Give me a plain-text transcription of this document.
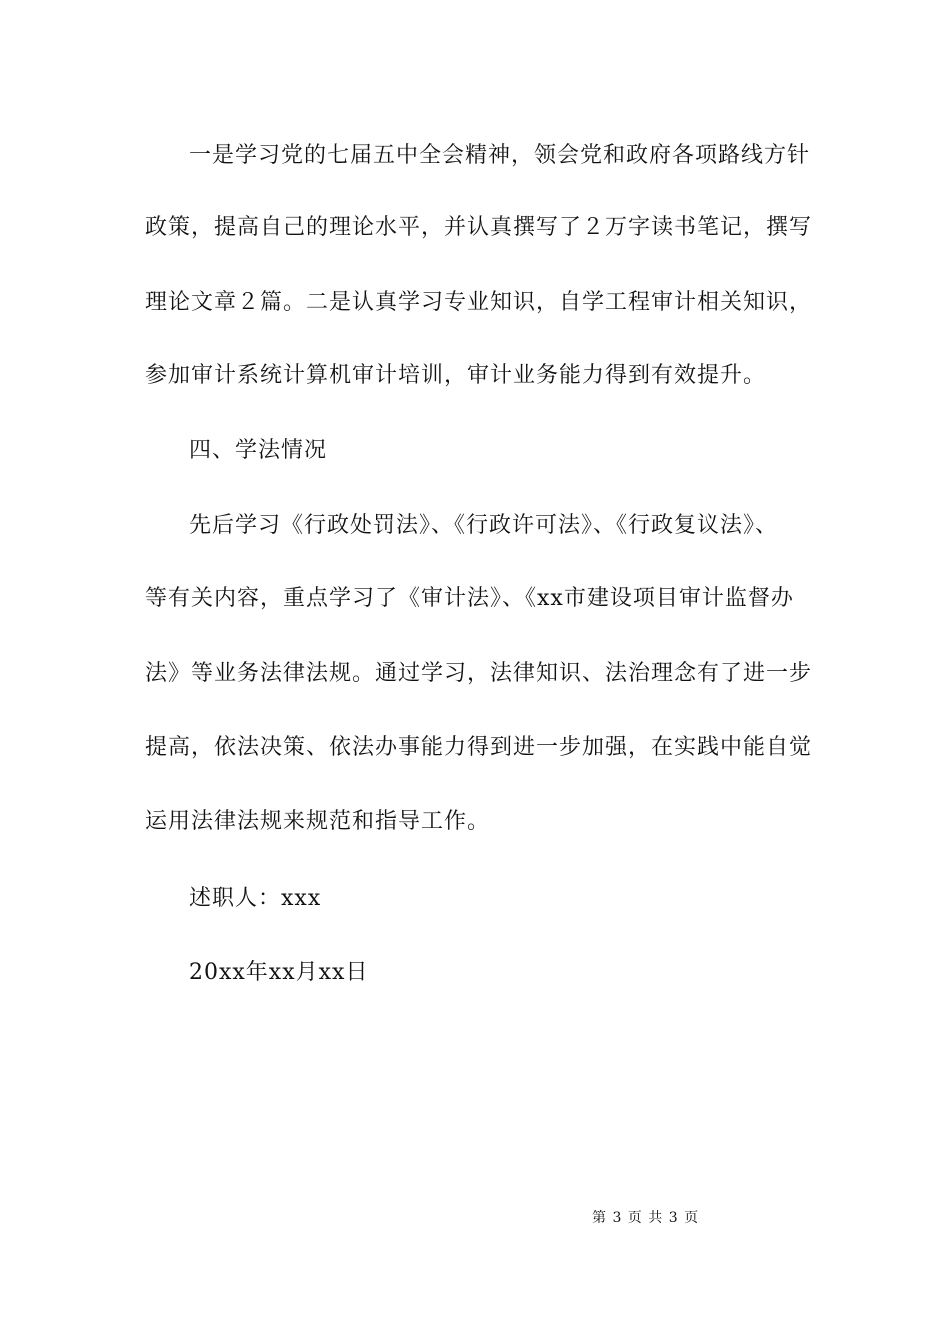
一是学习党的七届五中全会精神，领会党和政府各项路线方针
政策，提高自己的理论水平，并认真撰写了２万字读书笔记，撰写
理论文章２篇。二是认真学习专业知识，自学工程审计相关知识，
参加审计系统计算机审计培训，审计业务能力得到有效提升。
四、学法情况
先后学习《行政处罚法》、《行政许可法》、《行政复议法》、
等有关内容，重点学习了《审计法》、《xx市建设项目审计监督办
法》等业务法律法规。通过学习，法律知识、法治理念有了进一步
提高，依法决策、依法办事能力得到进一步加强，在实践中能自觉
运用法律法规来规范和指导工作。
述职人：xxx
20xx年xx月xx日
第 3 页 共 3 页
